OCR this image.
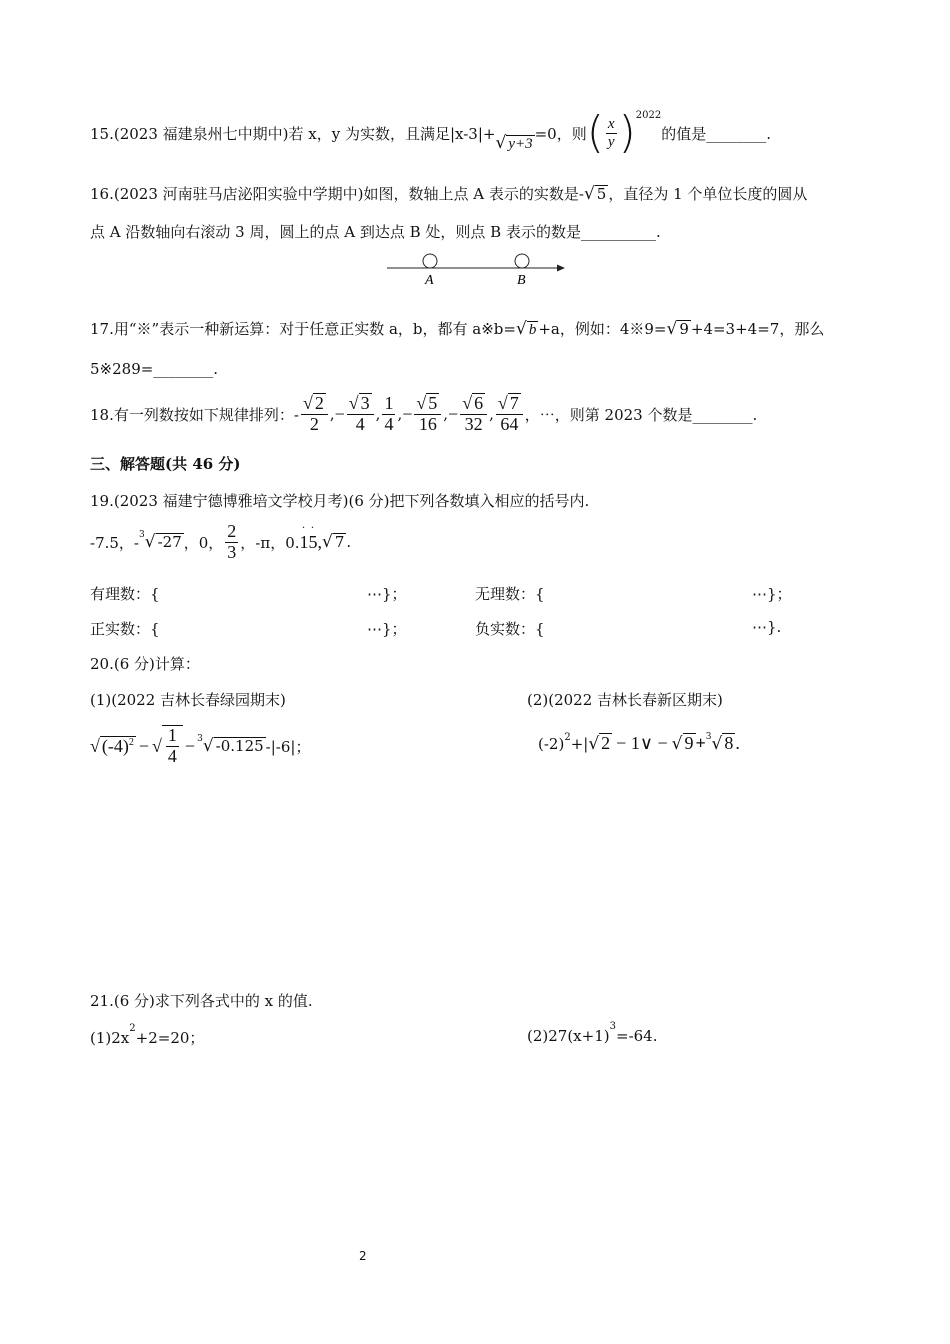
15.(2023 福建泉州七中期中)若 x，y 为实数，且满足|x-3|+ √ y+3
=0，则 ( $\frac{x}{y}$ ) 2022
的值是________.
16.(2023 河南驻马店泌阳实验中学期中)如图，数轴上点 A 表示的实数是-√ 5 ，直径为 1 个单位长度的圆从
点 A 沿数轴向右滚动 3 周，圆上的点 A 到达点 B 处，则点 B 表示的数是__________.
A	B
17.用“※”表示一种新运算：对于任意正实数 a，b，都有 a※b=√ b +a，例如：4※9=√ 9 +4=3+4=7，那么
5※289=________.
18.有一列数按如下规律排列：- $\frac{√ 2}{2}$ , − $\frac{√ 3}{4}$ , $\frac{1}{4}$ , − $\frac{√ 5}{16}$ , − $\frac{√ 6}{32}$ , $\frac{√ 7}{64}$ ，⋯，则第 2023 个数是________.
三、解答题(共 46 分)
19.(2023 福建宁德博雅培文学校月考)(6 分)把下列各数填入相应的括号内.
-7.5，- 3 √ -27 ，0， $\frac{2}{3}$ ，-π，0. · 1 · 5 , √ 7 .
有理数：{	⋯}；	无理数：{	⋯}；
正实数：{	⋯}；	负实数：{	⋯}.
20.(6 分)计算：
(1)(2022 吉林长春绿园期末)	(2)(2022 吉林长春新区期末)
√ $(-4)^2$ − √ $\frac{1}{4} - 3$ √ -0.125 -|-6|；	$(-2)^2$ +| √ 2 − 1∨ − √ 9 + 3 √ 8 .
21.(6 分)求下列各式中的 x 的值.
$(1)2x^2+2=20$；	$(2)27(x+1)^3=-64$.
2
